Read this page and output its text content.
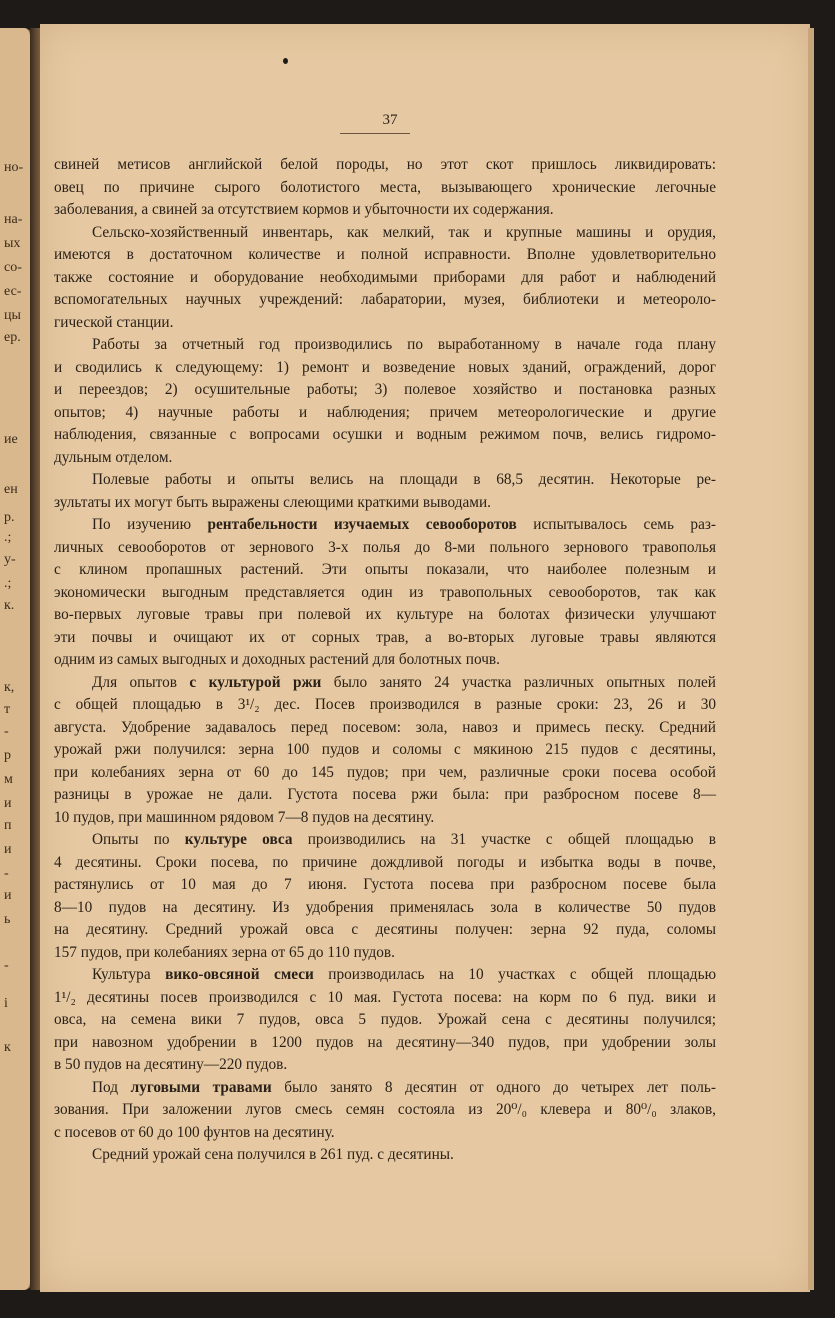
но-
на-
ых
со-
ес-
цы
ер.
ие
ен
р.
.;
у-
.;
к.
к,
т
-
р
м
и
п
и
-
и
ь
-
і
к
37

свиней метисов английской белой породы, но этот скот пришлось ликвидировать:

овец по причине сырого болотистого места, вызывающего хронические легочные

заболевания, а свиней за отсутствием кормов и убыточности их содержания.

Сельско-хозяйственный инвентарь, как мелкий, так и крупные машины и орудия,

имеются в достаточном количестве и полной исправности. Вполне удовлетворительно

также состояние и оборудование необходимыми приборами для работ и наблюдений

вспомогательных научных учреждений: лабаратории, музея, библиотеки и метеороло-

гической станции.

Работы за отчетный год производились по выработанному в начале года плану

и сводились к следующему: 1) ремонт и возведение новых зданий, ограждений, дорог

и переездов; 2) осушительные работы; 3) полевое хозяйство и постановка разных

опытов; 4) научные работы и наблюдения; причем метеорологические и другие

наблюдения, связанные с вопросами осушки и водным режимом почв, велись гидромо-

дульным отделом.

Полевые работы и опыты велись на площади в 68,5 десятин. Некоторые ре-

зультаты их могут быть выражены слеющими краткими выводами.

По изучению рентабельности изучаемых севооборотов испытывалось семь раз-

личных севооборотов от зернового 3-х полья до 8-ми польного зернового травополья

с клином пропашных растений. Эти опыты показали, что наиболее полезным и

экономически выгодным представляется один из травопольных севооборотов, так как

во-первых луговые травы при полевой их культуре на болотах физически улучшают

эти почвы и очищают их от сорных трав, а во-вторых луговые травы являются

одним из самых выгодных и доходных растений для болотных почв.

Для опытов с культурой ржи было занято 24 участка различных опытных полей

с общей площадью в 3¹/₂ дес. Посев производился в разные сроки: 23, 26 и 30

августа. Удобрение задавалось перед посевом: зола, навоз и примесь песку. Средний

урожай ржи получился: зерна 100 пудов и соломы с мякиною 215 пудов с десятины,

при колебаниях зерна от 60 до 145 пудов; при чем, различные сроки посева особой

разницы в урожае не дали. Густота посева ржи была: при разбросном посеве 8—

10 пудов, при машинном рядовом 7—8 пудов на десятину.

Опыты по культуре овса производились на 31 участке с общей площадью в

4 десятины. Сроки посева, по причине дождливой погоды и избытка воды в почве,

растянулись от 10 мая до 7 июня. Густота посева при разбросном посеве была

8—10 пудов на десятину. Из удобрения применялась зола в количестве 50 пудов

на десятину. Средний урожай овса с десятины получен: зерна 92 пуда, соломы

157 пудов, при колебаниях зерна от 65 до 110 пудов.

Культура вико-овсяной смеси производилась на 10 участках с общей площадью

1¹/₂ десятины посев производился с 10 мая. Густота посева: на корм по 6 пуд. вики и

овса, на семена вики 7 пудов, овса 5 пудов. Урожай сена с десятины получился;

при навозном удобрении в 1200 пудов на десятину—340 пудов, при удобрении золы

в 50 пудов на десятину—220 пудов.

Под луговыми травами было занято 8 десятин от одного до четырех лет поль-

зования. При заложении лугов смесь семян состояла из 20⁰/₀ клевера и 80⁰/₀ злаков,

с посевов от 60 до 100 фунтов на десятину.

Средний урожай сена получился в 261 пуд. с десятины.
